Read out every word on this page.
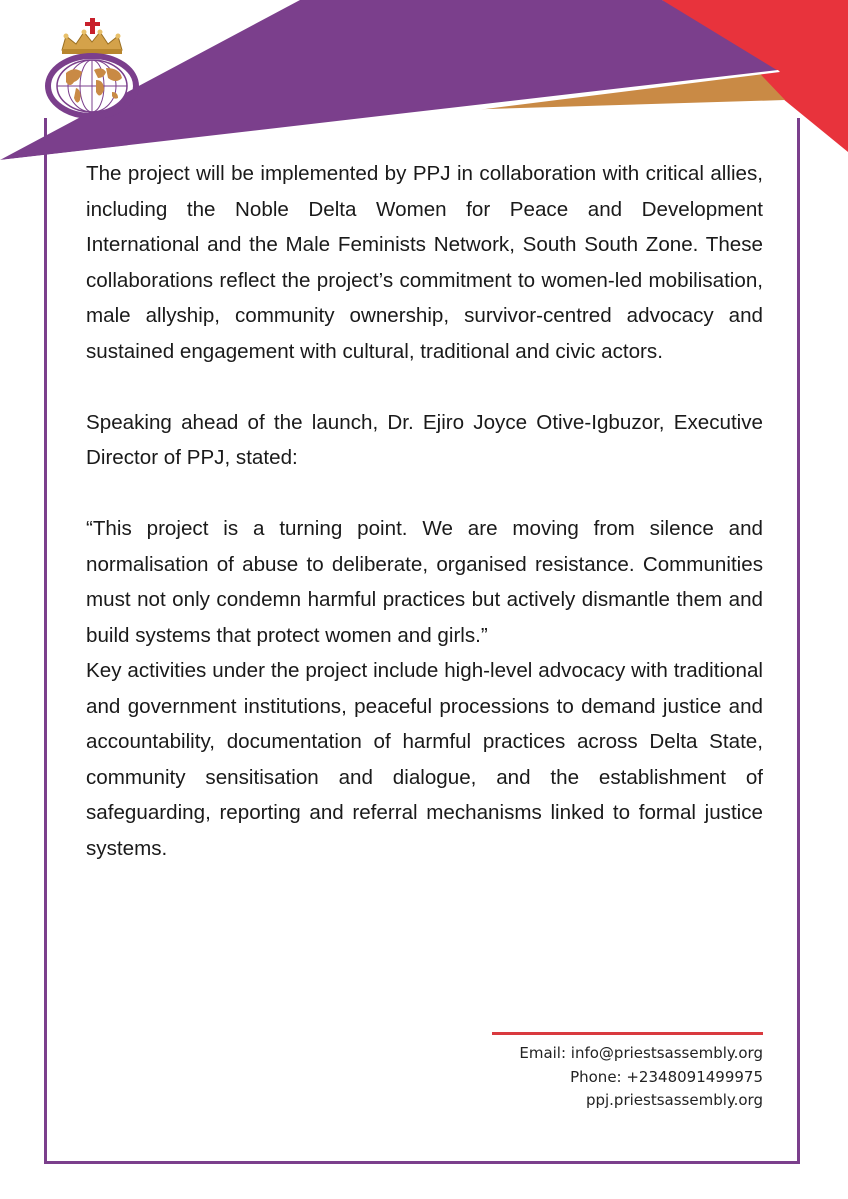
The project will be implemented by PPJ in collaboration with critical allies, including the Noble Delta Women for Peace and Development International and the Male Feminists Network, South South Zone. These collaborations reflect the project’s commitment to women-led mobilisation, male allyship, community ownership, survivor-centred advocacy and sustained engagement with cultural, traditional and civic actors.

Speaking ahead of the launch, Dr. Ejiro Joyce Otive-Igbuzor, Executive Director of PPJ, stated:

“This project is a turning point. We are moving from silence and normalisation of abuse to deliberate, organised resistance. Communities must not only condemn harmful practices but actively dismantle them and build systems that protect women and girls.”

Key activities under the project include high-level advocacy with traditional and government institutions, peaceful processions to demand justice and accountability, documentation of harmful practices across Delta State, community sensitisation and dialogue, and the establishment of safeguarding, reporting and referral mechanisms linked to formal justice systems.

Email: info@priestsassembly.org
Phone: +2348091499975
ppj.priestsassembly.org
